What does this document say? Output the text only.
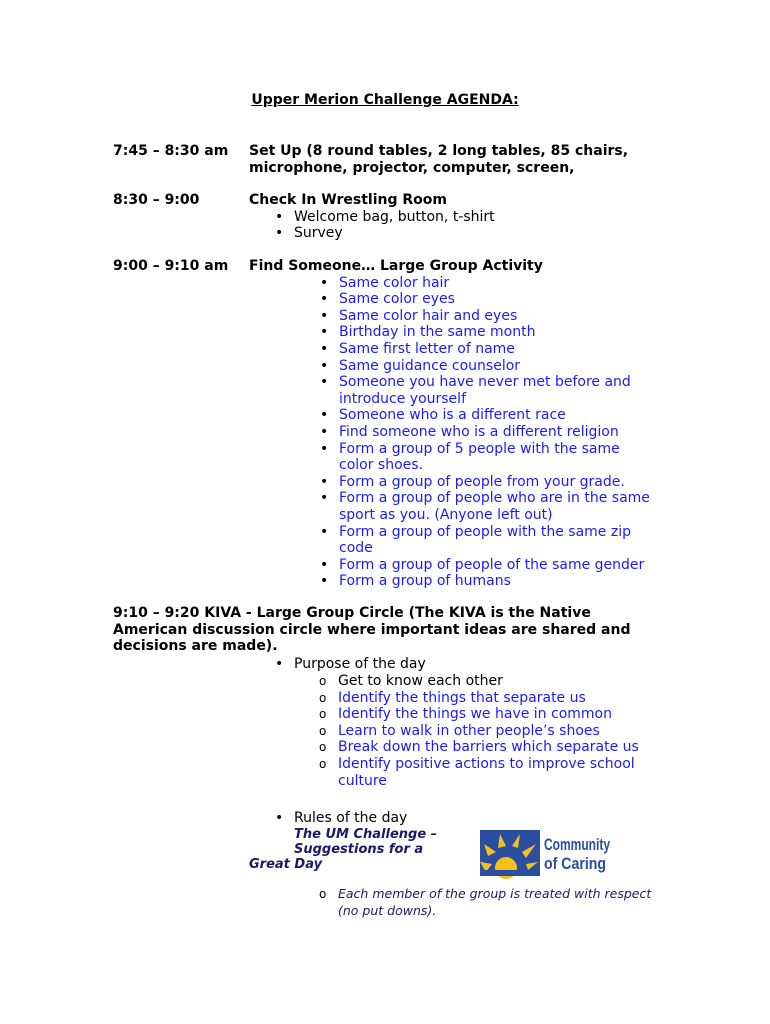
Upper Merion Challenge AGENDA:
7:45 – 8:30 am Set Up (8 round tables, 2 long tables, 85 chairs, microphone, projector, computer, screen,
8:30 – 9:00	Check In Wrestling Room
• Welcome bag, button, t-shirt
• Survey
9:00 – 9:10 am Find Someone… Large Group Activity
• Same color hair
• Same color eyes
• Same color hair and eyes
• Birthday in the same month
• Same first letter of name
• Same guidance counselor
• Someone you have never met before and introduce yourself
• Someone who is a different race
• Find someone who is a different religion
• Form a group of 5 people with the same color shoes.
• Form a group of people from your grade.
• Form a group of people who are in the same sport as you. (Anyone left out)
• Form a group of people with the same zip code
• Form a group of people of the same gender
• Form a group of humans
9:10 – 9:20 KIVA - Large Group Circle (The KIVA is the Native American discussion circle where important ideas are shared and decisions are made).
• Purpose of the day
o Get to know each other
o Identify the things that separate us
o Identify the things we have in common
o Learn to walk in other people’s shoes
o Break down the barriers which separate us
o Identify positive actions to improve school culture
• Rules of the day
The UM Challenge – Suggestions for a
Great Day
Community
of Caring
o Each member of the group is treated with respect (no put downs).
